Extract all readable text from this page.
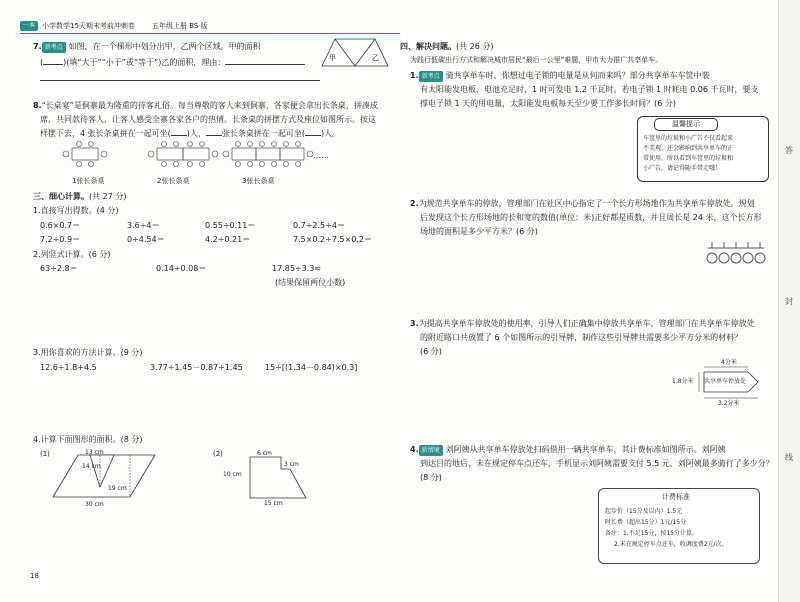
一本	小学数学15天期末考前冲刺卷 五年级上册 BS 版
7. 新考点 如图，在一个梯形中划分出甲，乙两个区域。甲的面积
(	)(填“大于”“小于”或“等于”)乙的面积，理由：	甲	乙
8.“长桌宴”是侗寨最为隆重的待客礼俗。每当尊敬的客人来到侗寨，各家便会拿出长条桌，拼凑成
席，共同款待客人，让客人感受全寨各家各户的热情。长条桌的拼摆方式及座位如图所示。按这
样摆下去，4 张长条桌拼在一起可坐( )人， 张长条桌拼在一起可坐( )人。
……
1张长条桌	2张长条桌	3张长条桌
三、细心计算。(共 27 分)
1.直接写出得数。(4 分)
0.6×0.7＝	3.6÷4＝	0.55÷0.11＝	0.7÷2.5÷4＝
7.2÷0.9＝	0÷4.54＝	4.2÷0.21＝	7.5×0.2÷7.5×0.2＝
2.列竖式计算。(6 分)
63÷2.8＝	0.14÷0.08＝	17.85÷3.3≈
(结果保留两位小数)
3.用你喜欢的方法计算。(9 分)
12.6÷1.8+4.5	3.77÷1.45－0.87÷1.45	15÷[(1.34－0.84)×0.3]
4.计算下面图形的面积。(8 分)
(1)	13 cm
14 cm
19 cm
30 cm
(2)	6 cm
3 cm
10 cm
15 cm
18
四、解决问题。(共 26 分)
为践行低碳出行方式和解决城市居民“最后一公里”难题，甲市大力推广共享单车。
1. 新考点 骑共享单车时，你想过电子锁的电量是从何而来吗？部分共享单车车筐中装
有太阳能发电板，电池充足时，1 时可发电 1.2 千瓦时。若电子锁 1 时耗电 0.06 千瓦时，要支
撑电子锁 1 天的用电量，太阳能发电板每天至少要工作多长时间？(6 分)
温馨提示
车筐里的垃圾和小广告不仅看起来
不美观，还会影响到共享单车的正
常使用，所以看到车筐里的垃圾和
小广告，请记得随手带走哦！
2.为规范共享单车的停放，管理部门在社区中心指定了一个长方形场地作为共享单车停放处。规划
后发现这个长方形场地的长和宽的数值(单位：米)正好都是质数，并且周长是 24 米，这个长方形
场地的面积是多少平方米？(6 分)
3.为提高共享单车停放处的使用率，引导人们正确集中停放共享单车，管理部门在共享单车停放处
的附近路口共放置了 6 个如图所示的引导牌，制作这些引导牌共需要多少平方分米的材料？
(6 分)
共享单车停放处
4分米
1.8分米
3.2分米
4. 新情境 刘阿姨从共享单车停放处扫码借用一辆共享单车，其计费标准如图所示。刘阿姨
到达目的地后，未在规定停车点还车，手机显示刘阿姨需要支付 5.5 元，刘阿姨最多骑行了多少分？
(8 分)
计费标准
起步价（15分及以内）1.5元
时长费（超出15分）1元/15分
备注：1.不足15分，按15分计算。
2.未在规定停车点还车，收调度费2元/次。
答
封
线
